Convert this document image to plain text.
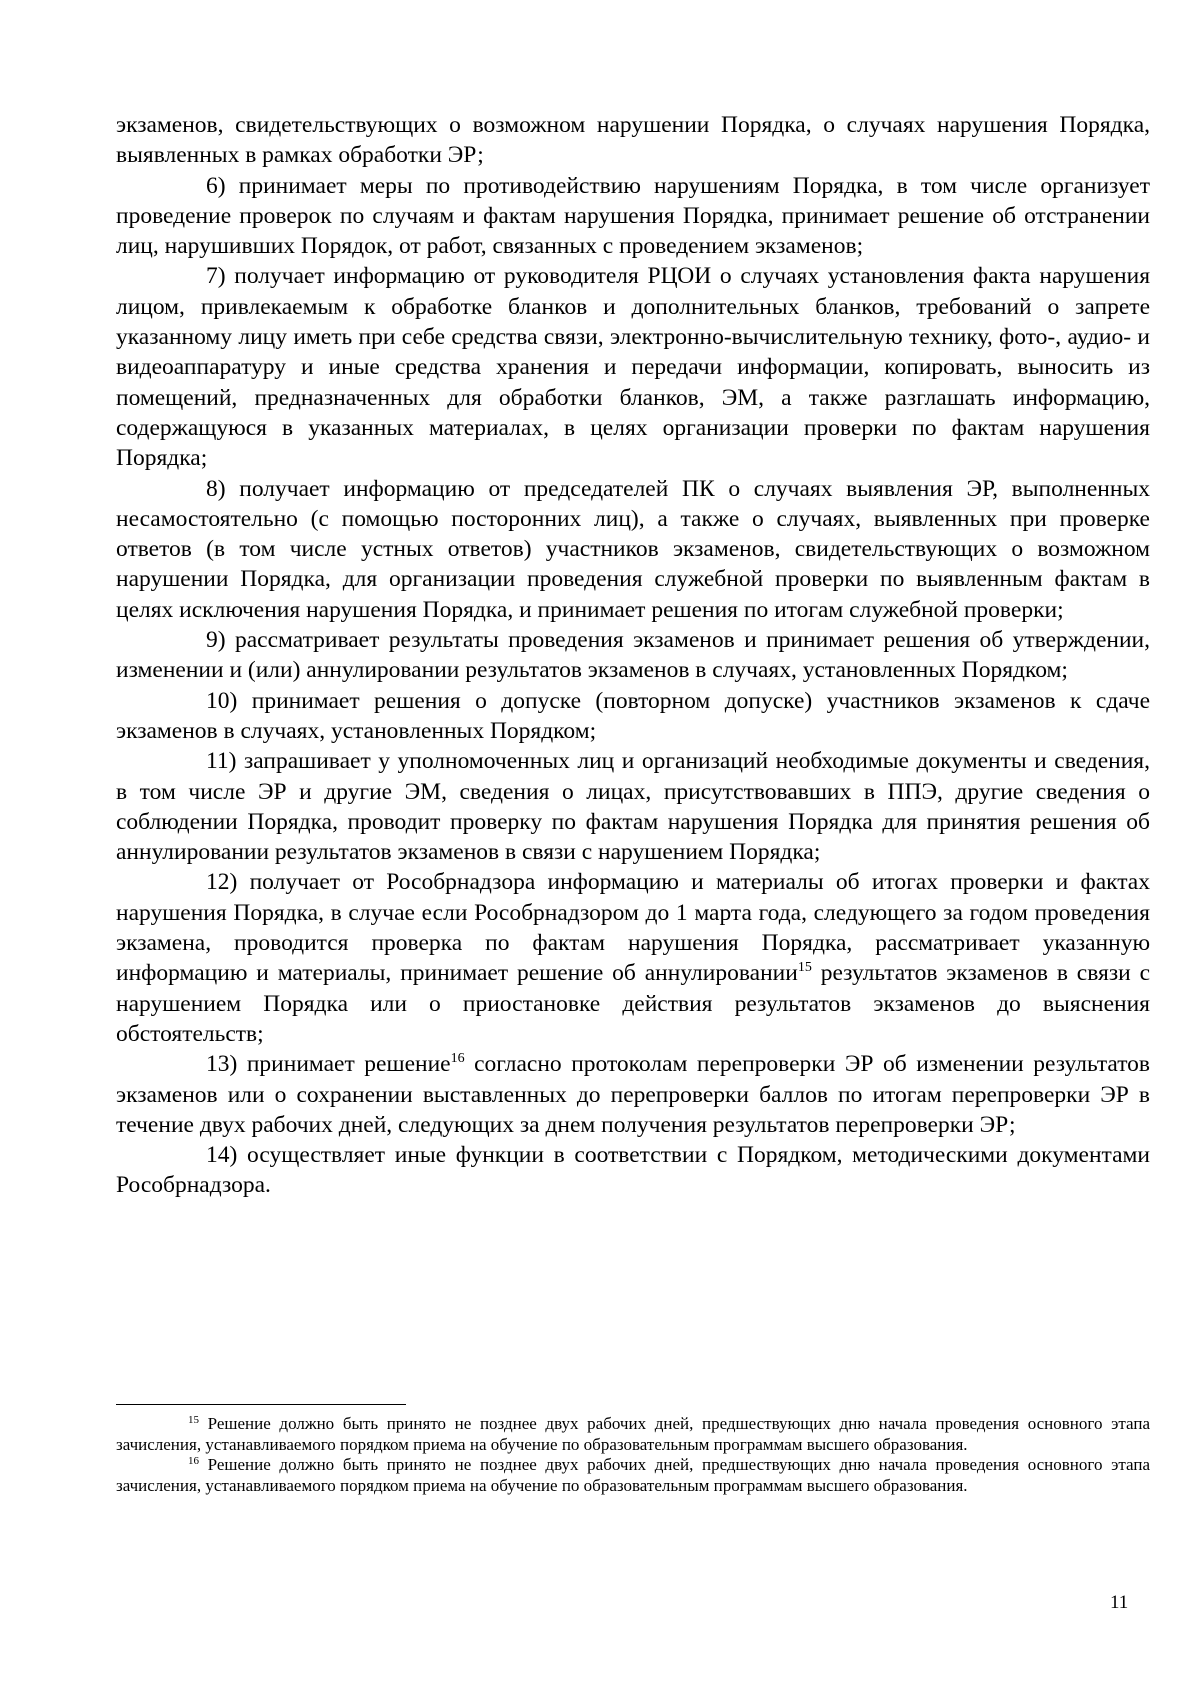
экзаменов, свидетельствующих о возможном нарушении Порядка, о случаях нарушения Порядка, выявленных в рамках обработки ЭР;

6) принимает меры по противодействию нарушениям Порядка, в том числе организует проведение проверок по случаям и фактам нарушения Порядка, принимает решение об отстранении лиц, нарушивших Порядок, от работ, связанных с проведением экзаменов;

7) получает информацию от руководителя РЦОИ о случаях установления факта нарушения лицом, привлекаемым к обработке бланков и дополнительных бланков, требований о запрете указанному лицу иметь при себе средства связи, электронно-вычислительную технику, фото-, аудио- и видеоаппаратуру и иные средства хранения и передачи информации, копировать, выносить из помещений, предназначенных для обработки бланков, ЭМ, а также разглашать информацию, содержащуюся в указанных материалах, в целях организации проверки по фактам нарушения Порядка;

8) получает информацию от председателей ПК о случаях выявления ЭР, выполненных несамостоятельно (с помощью посторонних лиц), а также о случаях, выявленных при проверке ответов (в том числе устных ответов) участников экзаменов, свидетельствующих о возможном нарушении Порядка, для организации проведения служебной проверки по выявленным фактам в целях исключения нарушения Порядка, и принимает решения по итогам служебной проверки;

9) рассматривает результаты проведения экзаменов и принимает решения об утверждении, изменении и (или) аннулировании результатов экзаменов в случаях, установленных Порядком;

10) принимает решения о допуске (повторном допуске) участников экзаменов к сдаче экзаменов в случаях, установленных Порядком;

11) запрашивает у уполномоченных лиц и организаций необходимые документы и сведения, в том числе ЭР и другие ЭМ, сведения о лицах, присутствовавших в ППЭ, другие сведения о соблюдении Порядка, проводит проверку по фактам нарушения Порядка для принятия решения об аннулировании результатов экзаменов в связи с нарушением Порядка;

12) получает от Рособрнадзора информацию и материалы об итогах проверки и фактах нарушения Порядка, в случае если Рособрнадзором до 1 марта года, следующего за годом проведения экзамена, проводится проверка по фактам нарушения Порядка, рассматривает указанную информацию и материалы, принимает решение об аннулировании$^{15}$ результатов экзаменов в связи с нарушением Порядка или о приостановке действия результатов экзаменов до выяснения обстоятельств;

13) принимает решение$^{16}$ согласно протоколам перепроверки ЭР об изменении результатов экзаменов или о сохранении выставленных до перепроверки баллов по итогам перепроверки ЭР в течение двух рабочих дней, следующих за днем получения результатов перепроверки ЭР;

14) осуществляет иные функции в соответствии с Порядком, методическими документами Рособрнадзора.

$^{15}$ Решение должно быть принято не позднее двух рабочих дней, предшествующих дню начала проведения основного этапа зачисления, устанавливаемого порядком приема на обучение по образовательным программам высшего образования.

$^{16}$ Решение должно быть принято не позднее двух рабочих дней, предшествующих дню начала проведения основного этапа зачисления, устанавливаемого порядком приема на обучение по образовательным программам высшего образования.

11
